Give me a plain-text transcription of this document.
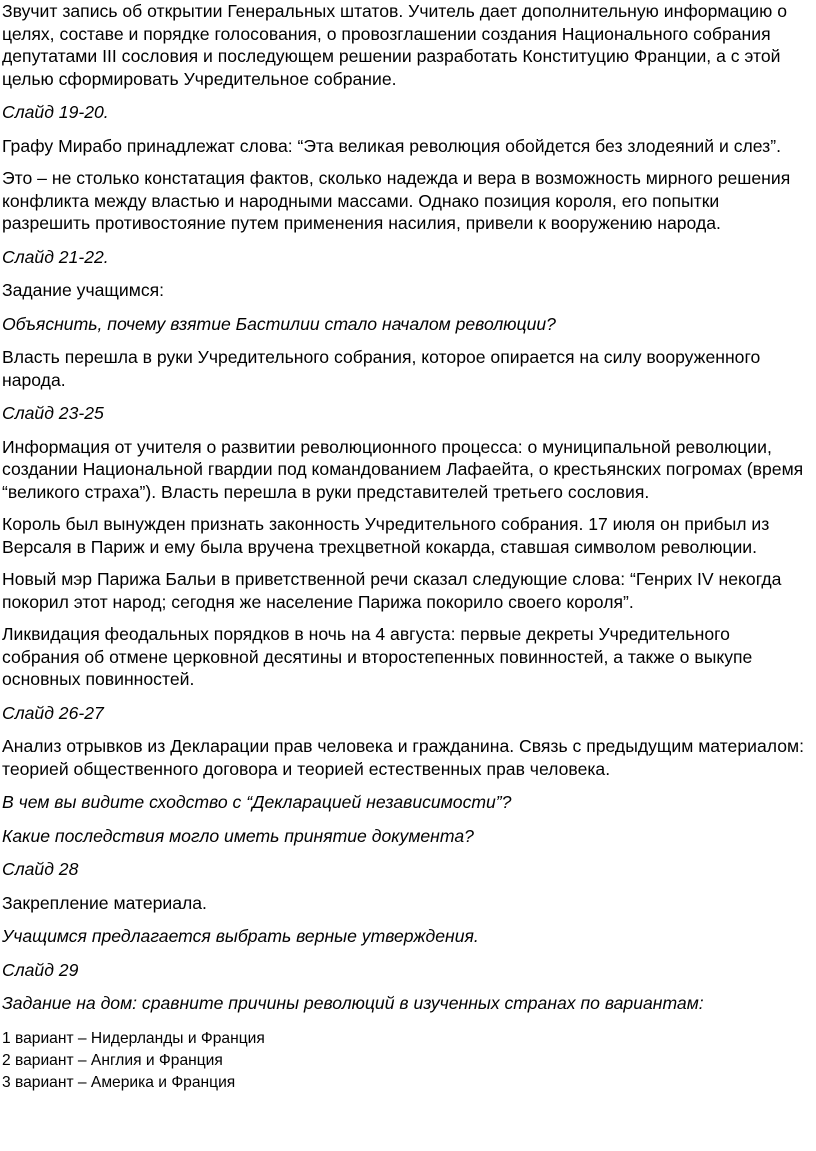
Звучит запись об открытии Генеральных штатов. Учитель дает дополнительную информацию о целях, составе и порядке голосования, о провозглашении создания Национального собрания депутатами III сословия и последующем решении разработать Конституцию Франции, а с этой целью сформировать Учредительное собрание.

Слайд 19-20.

Графу Мирабо принадлежат слова: “Эта великая революция обойдется без злодеяний и слез”.

Это – не столько констатация фактов, сколько надежда и вера в возможность мирного решения конфликта между властью и народными массами. Однако позиция короля, его попытки разрешить противостояние путем применения насилия, привели к вооружению народа.

Слайд 21-22.

Задание учащимся:

Объяснить, почему взятие Бастилии стало началом революции?

Власть перешла в руки Учредительного собрания, которое опирается на силу вооруженного народа.

Слайд 23-25

Информация от учителя о развитии революционного процесса: о муниципальной революции, создании Национальной гвардии под командованием Лафаейта, о крестьянских погромах (время “великого страха”). Власть перешла в руки представителей третьего сословия.

Король был вынужден признать законность Учредительного собрания. 17 июля он прибыл из Версаля в Париж и ему была вручена трехцветной кокарда, ставшая символом революции.

Новый мэр Парижа Бальи в приветственной речи сказал следующие слова: “Генрих IV некогда покорил этот народ; сегодня же население Парижа покорило своего короля”.

Ликвидация феодальных порядков в ночь на 4 августа: первые декреты Учредительного собрания об отмене церковной десятины и второстепенных повинностей, а также о выкупе основных повинностей.

Слайд 26-27

Анализ отрывков из Декларации прав человека и гражданина. Связь с предыдущим материалом: теорией общественного договора и теорией естественных прав человека.

В чем вы видите сходство с “Декларацией независимости”?

Какие последствия могло иметь принятие документа?

Слайд 28

Закрепление материала.

Учащимся предлагается выбрать верные утверждения.

Слайд 29

Задание на дом: сравните причины революций в изученных странах по вариантам:

1 вариант – Нидерланды и Франция

2 вариант – Англия и Франция

3 вариант – Америка и Франция
